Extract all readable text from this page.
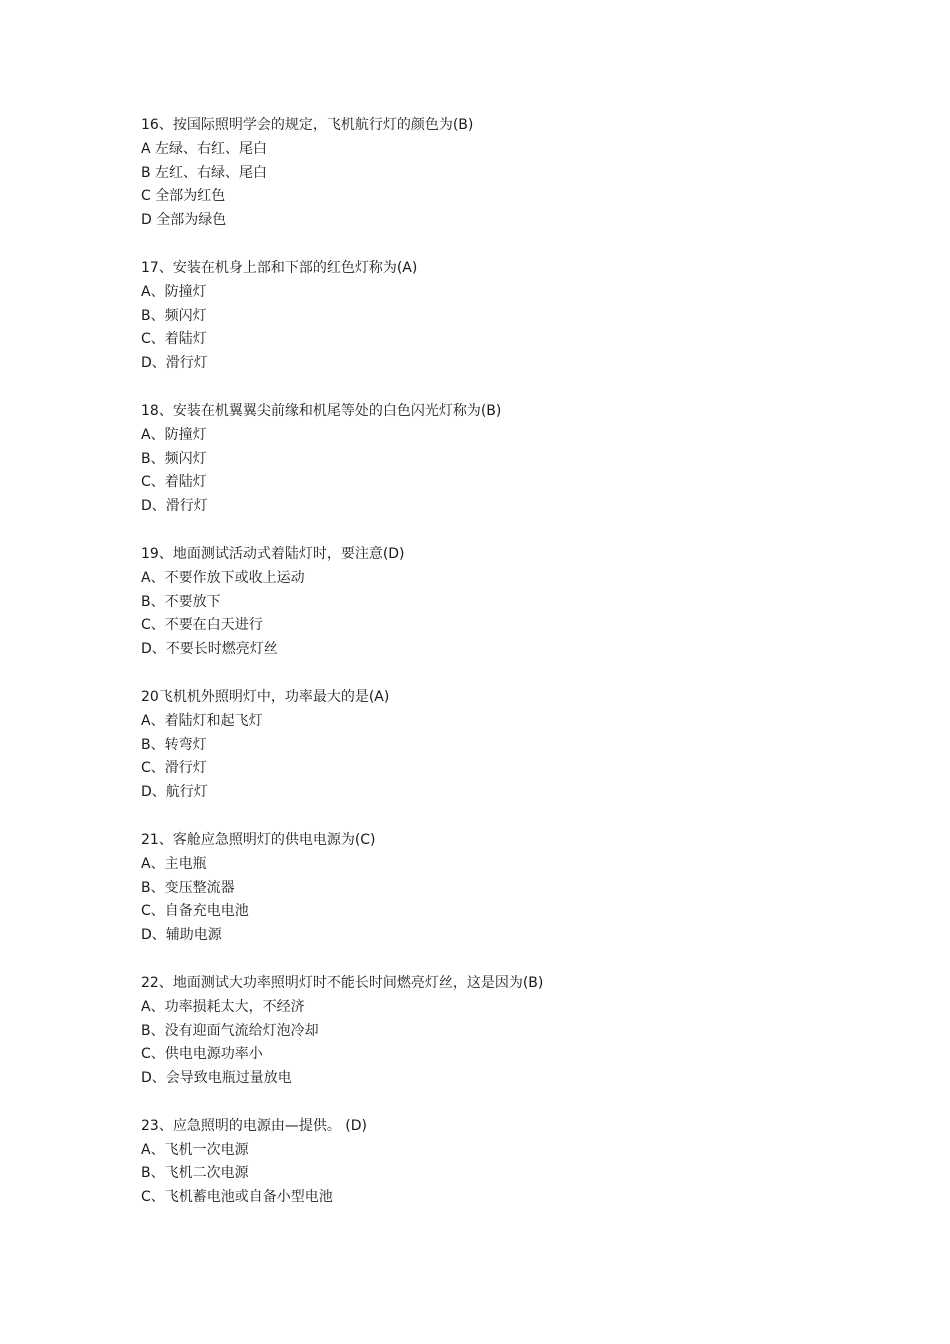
16、按国际照明学会的规定，飞机航行灯的颜色为(B)

A 左绿、右红、尾白

B 左红、右绿、尾白

C 全部为红色

D 全部为绿色

17、安装在机身上部和下部的红色灯称为(A)

A、防撞灯

B、频闪灯

C、着陆灯

D、滑行灯

18、安装在机翼翼尖前缘和机尾等处的白色闪光灯称为(B)

A、防撞灯

B、频闪灯

C、着陆灯

D、滑行灯

19、地面测试活动式着陆灯时，要注意(D)

A、不要作放下或收上运动

B、不要放下

C、不要在白天进行

D、不要长时燃亮灯丝

20飞机机外照明灯中，功率最大的是(A)

A、着陆灯和起飞灯

B、转弯灯

C、滑行灯

D、航行灯

21、客舱应急照明灯的供电电源为(C)

A、主电瓶

B、变压整流器

C、自备充电电池

D、辅助电源

22、地面测试大功率照明灯时不能长时间燃亮灯丝，这是因为(B)

A、功率损耗太大，不经济

B、没有迎面气流给灯泡冷却

C、供电电源功率小

D、会导致电瓶过量放电

23、应急照明的电源由—提供。 (D)

A、飞机一次电源

B、飞机二次电源

C、飞机蓄电池或自备小型电池
